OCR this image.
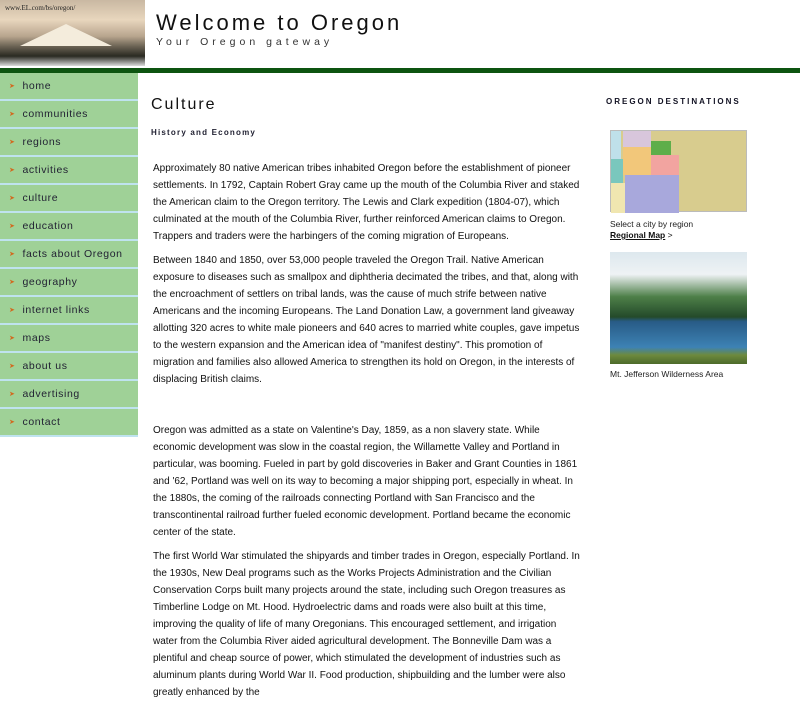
www.EL.com/bs/oregon/
Welcome to Oregon
Your Oregon gateway
➤ home
➤ communities
➤ regions
➤ activities
➤ culture
➤ education
➤ facts about Oregon
➤ geography
➤ internet links
➤ maps
➤ about us
➤ advertising
➤ contact
Culture
History and Economy

Approximately 80 native American tribes inhabited Oregon before the establishment of pioneer settlements. In 1792, Captain Robert Gray came up the mouth of the Columbia River and staked the American claim to the Oregon territory. The Lewis and Clark expedition (1804-07), which culminated at the mouth of the Columbia River, further reinforced American claims to Oregon. Trappers and traders were the harbingers of the coming migration of Europeans.

Between 1840 and 1850, over 53,000 people traveled the Oregon Trail. Native American exposure to diseases such as smallpox and diphtheria decimated the tribes, and that, along with the encroachment of settlers on tribal lands, was the cause of much strife between native Americans and the incoming Europeans. The Land Donation Law, a government land giveaway allotting 320 acres to white male pioneers and 640 acres to married white couples, gave impetus to the western expansion and the American idea of "manifest destiny". This promotion of migration and families also allowed America to strengthen its hold on Oregon, in the interests of displacing British claims.

Oregon was admitted as a state on Valentine's Day, 1859, as a non slavery state. While economic development was slow in the coastal region, the Willamette Valley and Portland in particular, was booming. Fueled in part by gold discoveries in Baker and Grant Counties in 1861 and '62, Portland was well on its way to becoming a major shipping port, especially in wheat. In the 1880s, the coming of the railroads connecting Portland with San Francisco and the transcontinental railroad further fueled economic development. Portland became the economic center of the state.

The first World War stimulated the shipyards and timber trades in Oregon, especially Portland. In the 1930s, New Deal programs such as the Works Projects Administration and the Civilian Conservation Corps built many projects around the state, including such Oregon treasures as Timberline Lodge on Mt. Hood. Hydroelectric dams and roads were also built at this time, improving the quality of life of many Oregonians. This encouraged settlement, and irrigation water from the Columbia River aided agricultural development. The Bonneville Dam was a plentiful and cheap source of power, which stimulated the development of industries such as aluminum plants during World War II. Food production, shipbuilding and the lumber were also greatly enhanced by the

OREGON DESTINATIONS
Select a city by region
Regional Map >
Mt. Jefferson Wilderness Area
